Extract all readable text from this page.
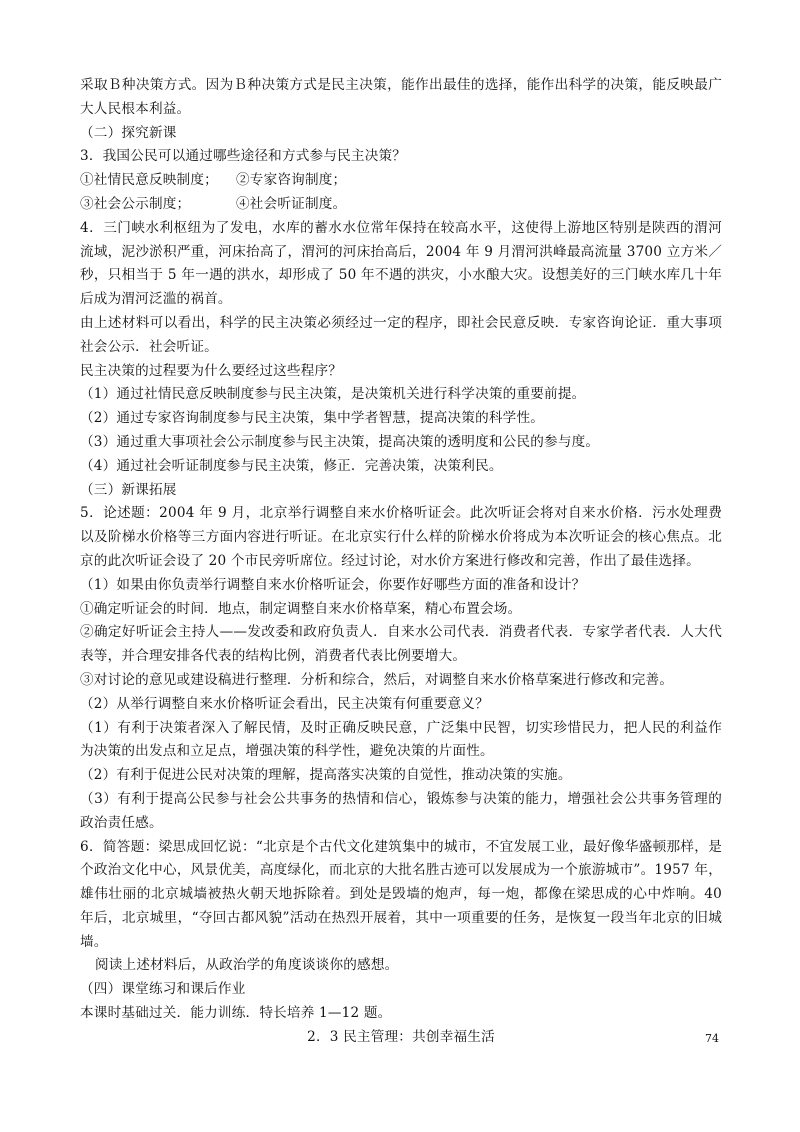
采取Ｂ种决策方式。因为Ｂ种决策方式是民主决策，能作出最佳的选择，能作出科学的决策，能反映最广大人民根本利益。

（二）探究新课

3．我国公民可以通过哪些途径和方式参与民主决策？

①社情民意反映制度；	②专家咨询制度；
③社会公示制度；	④社会听证制度。

4．三门峡水利枢纽为了发电，水库的蓄水水位常年保持在较高水平，这使得上游地区特别是陕西的渭河流域，泥沙淤积严重，河床抬高了，渭河的河床抬高后，2004 年 9 月渭河洪峰最高流量 3700 立方米／秒，只相当于 5 年一遇的洪水，却形成了 50 年不遇的洪灾，小水酿大灾。设想美好的三门峡水库几十年后成为渭河泛滥的祸首。

由上述材料可以看出，科学的民主决策必须经过一定的程序，即社会民意反映．专家咨询论证．重大事项社会公示．社会听证。

民主决策的过程要为什么要经过这些程序？

（1）通过社情民意反映制度参与民主决策，是决策机关进行科学决策的重要前提。

（2）通过专家咨询制度参与民主决策，集中学者智慧，提高决策的科学性。

（3）通过重大事项社会公示制度参与民主决策，提高决策的透明度和公民的参与度。

（4）通过社会听证制度参与民主决策，修正．完善决策，决策利民。

（三）新课拓展

5．论述题：2004 年 9 月，北京举行调整自来水价格听证会。此次听证会将对自来水价格．污水处理费以及阶梯水价格等三方面内容进行听证。在北京实行什么样的阶梯水价将成为本次听证会的核心焦点。北京的此次听证会设了 20 个市民旁听席位。经过讨论，对水价方案进行修改和完善，作出了最佳选择。

（1）如果由你负责举行调整自来水价格听证会，你要作好哪些方面的准备和设计？

①确定听证会的时间．地点，制定调整自来水价格草案，精心布置会场。

②确定好听证会主持人——发改委和政府负责人．自来水公司代表．消费者代表．专家学者代表．人大代表等，并合理安排各代表的结构比例，消费者代表比例要增大。

③对讨论的意见或建设稿进行整理．分析和综合，然后，对调整自来水价格草案进行修改和完善。

（2）从举行调整自来水价格听证会看出，民主决策有何重要意义？

（1）有利于决策者深入了解民情，及时正确反映民意，广泛集中民智，切实珍惜民力，把人民的利益作为决策的出发点和立足点，增强决策的科学性，避免决策的片面性。

（2）有利于促进公民对决策的理解，提高落实决策的自觉性，推动决策的实施。

（3）有利于提高公民参与社会公共事务的热情和信心，锻炼参与决策的能力，增强社会公共事务管理的政治责任感。

6．简答题：梁思成回忆说：“北京是个古代文化建筑集中的城市，不宜发展工业，最好像华盛顿那样，是个政治文化中心，风景优美，高度绿化，而北京的大批名胜古迹可以发展成为一个旅游城市”。1957 年，雄伟壮丽的北京城墙被热火朝天地拆除着。到处是毁墙的炮声，每一炮，都像在梁思成的心中炸响。40 年后，北京城里，“夺回古都风貌”活动在热烈开展着，其中一项重要的任务，是恢复一段当年北京的旧城墙。

阅读上述材料后，从政治学的角度谈谈你的感想。

（四）课堂练习和课后作业

本课时基础过关．能力训练．特长培养 1—12 题。

2．3 民主管理：共创幸福生活	74
